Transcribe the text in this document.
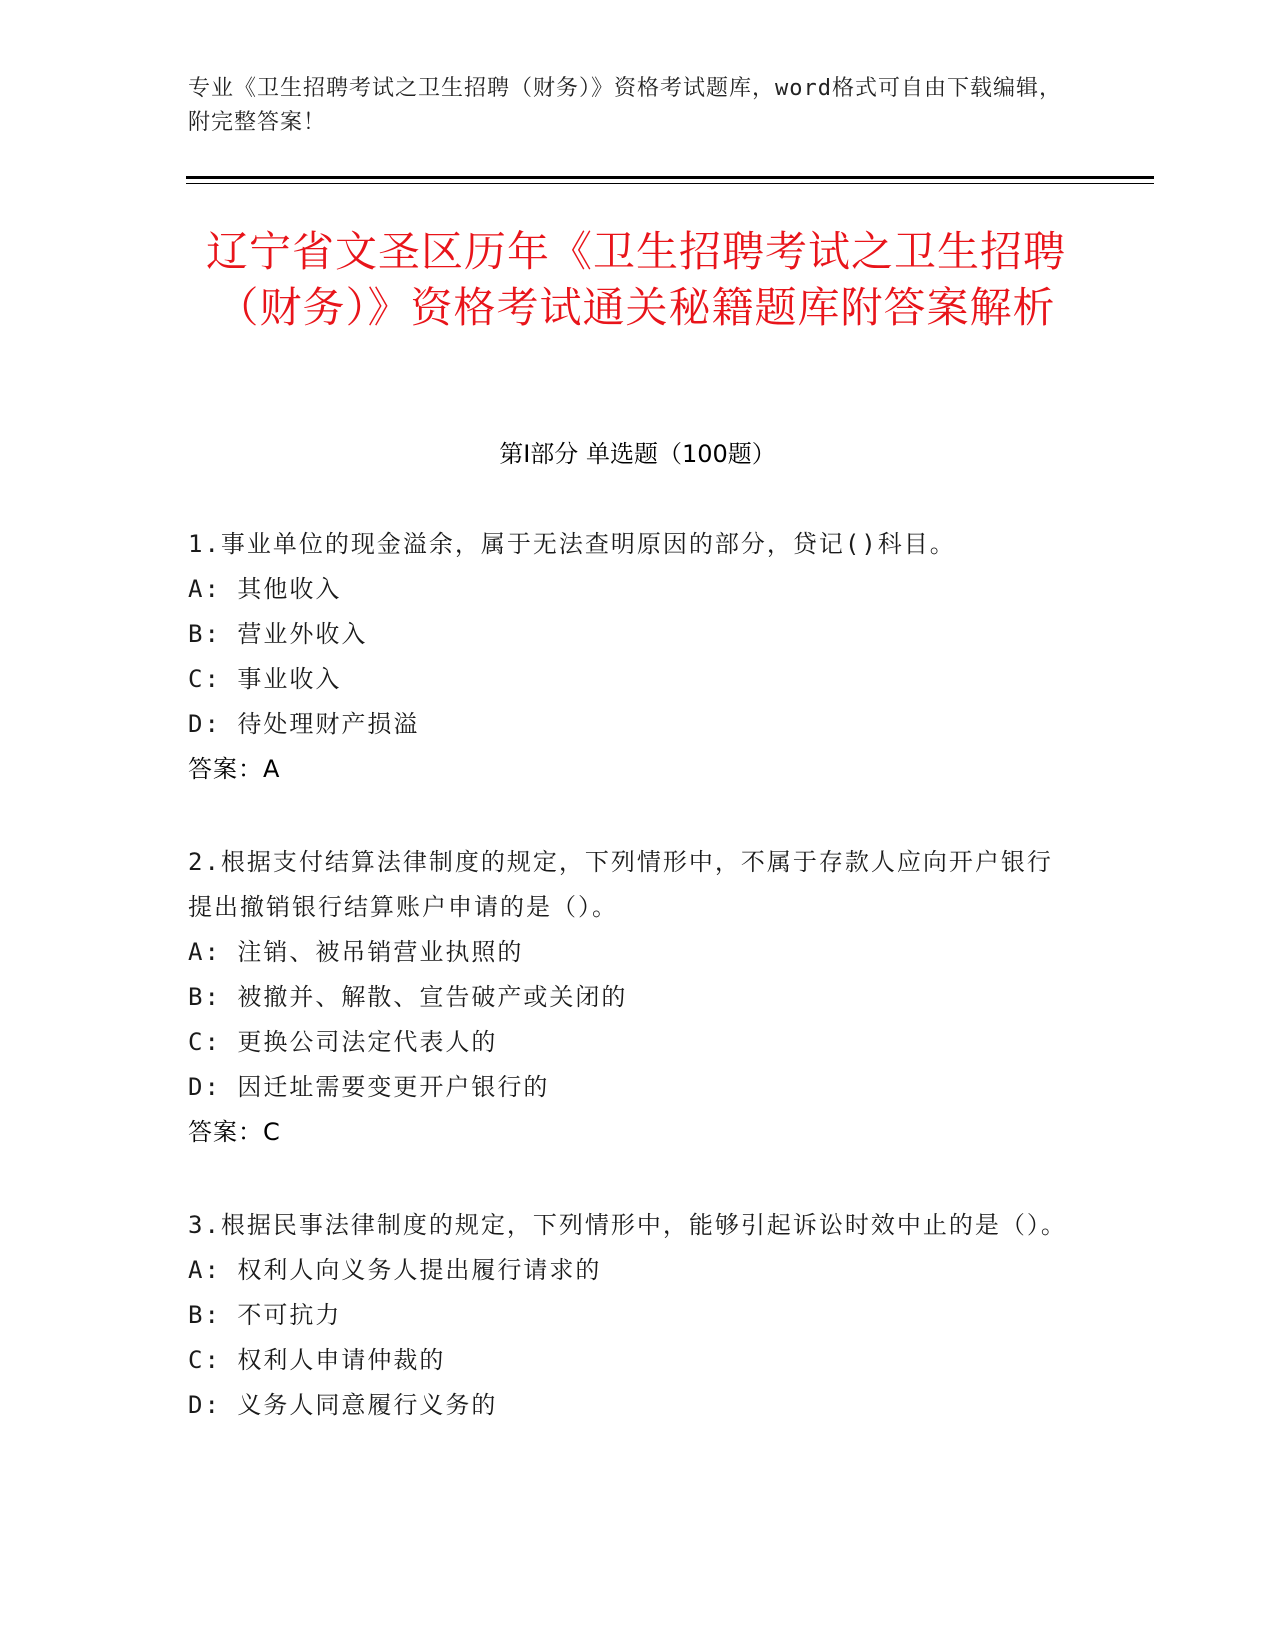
专业《卫生招聘考试之卫生招聘（财务）》资格考试题库，word格式可自由下载编辑，附完整答案！
辽宁省文圣区历年《卫生招聘考试之卫生招聘（财务）》资格考试通关秘籍题库附答案解析
第Ⅰ部分 单选题（100题）
1.事业单位的现金溢余，属于无法查明原因的部分，贷记()科目。
A: 其他收入
B: 营业外收入
C: 事业收入
D: 待处理财产损溢
答案：A
2.根据支付结算法律制度的规定，下列情形中，不属于存款人应向开户银行提出撤销银行结算账户申请的是（）。
A: 注销、被吊销营业执照的
B: 被撤并、解散、宣告破产或关闭的
C: 更换公司法定代表人的
D: 因迁址需要变更开户银行的
答案：C
3.根据民事法律制度的规定，下列情形中，能够引起诉讼时效中止的是（）。
A: 权利人向义务人提出履行请求的
B: 不可抗力
C: 权利人申请仲裁的
D: 义务人同意履行义务的
